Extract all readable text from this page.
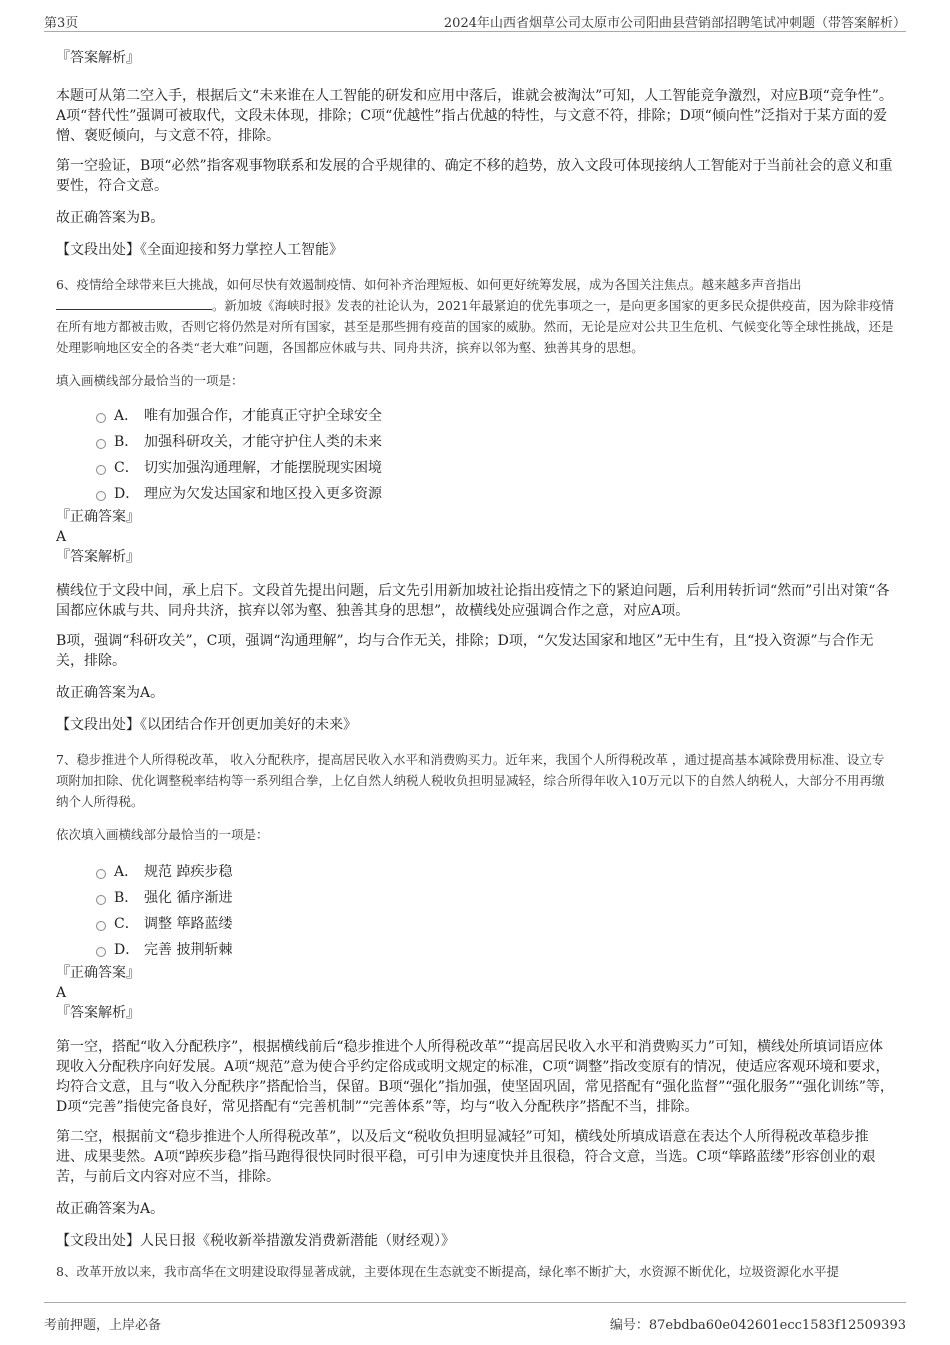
第3页	2024年山西省烟草公司太原市公司阳曲县营销部招聘笔试冲刺题（带答案解析）

『答案解析』

本题可从第二空入手，根据后文“未来谁在人工智能的研发和应用中落后，谁就会被淘汰”可知，人工智能竞争激烈，对应B项“竞争性”。A项“替代性”强调可被取代，文段未体现，排除；C项“优越性”指占优越的特性，与文意不符，排除；D项“倾向性”泛指对于某方面的爱憎、褒贬倾向，与文意不符，排除。

第一空验证，B项“必然”指客观事物联系和发展的合乎规律的、确定不移的趋势，放入文段可体现接纳人工智能对于当前社会的意义和重要性，符合文意。

故正确答案为B。

【文段出处】《全面迎接和努力掌控人工智能》

6、疫情给全球带来巨大挑战，如何尽快有效遏制疫情、如何补齐治理短板、如何更好统筹发展，成为各国关注焦点。越来越多声音指出。新加坡《海峡时报》发表的社论认为，2021年最紧迫的优先事项之一，是向更多国家的更多民众提供疫苗，因为除非疫情在所有地方都被击败，否则它将仍然是对所有国家，甚至是那些拥有疫苗的国家的威胁。然而，无论是应对公共卫生危机、气候变化等全球性挑战，还是处理影响地区安全的各类“老大难”问题，各国都应休戚与共、同舟共济，摈弃以邻为壑、独善其身的思想。

填入画横线部分最恰当的一项是：

A． 唯有加强合作，才能真正守护全球安全
B． 加强科研攻关，才能守护住人类的未来
C． 切实加强沟通理解，才能摆脱现实困境
D． 理应为欠发达国家和地区投入更多资源

『正确答案』

A

『答案解析』

横线位于文段中间，承上启下。文段首先提出问题，后文先引用新加坡社论指出疫情之下的紧迫问题，后利用转折词“然而”引出对策“各国都应休戚与共、同舟共济，摈弃以邻为壑、独善其身的思想”，故横线处应强调合作之意，对应A项。

B项，强调“科研攻关”，C项，强调“沟通理解”，均与合作无关，排除；D项，“欠发达国家和地区”无中生有，且“投入资源”与合作无关，排除。

故正确答案为A。

【文段出处】《以团结合作开创更加美好的未来》

7、稳步推进个人所得税改革， 收入分配秩序，提高居民收入水平和消费购买力。近年来，我国个人所得税改革 ，通过提高基本减除费用标准、设立专项附加扣除、优化调整税率结构等一系列组合拳，上亿自然人纳税人税收负担明显减轻，综合所得年收入10万元以下的自然人纳税人，大部分不用再缴纳个人所得税。

依次填入画横线部分最恰当的一项是：

A． 规范 踔疾步稳
B． 强化 循序渐进
C． 调整 筚路蓝缕
D． 完善 披荆斩棘

『正确答案』

A

『答案解析』

第一空，搭配“收入分配秩序”，根据横线前后“稳步推进个人所得税改革”“提高居民收入水平和消费购买力”可知，横线处所填词语应体现收入分配秩序向好发展。A项“规范”意为使合乎约定俗成或明文规定的标准，C项“调整”指改变原有的情况，使适应客观环境和要求，均符合文意，且与“收入分配秩序”搭配恰当，保留。B项“强化”指加强，使坚固巩固，常见搭配有“强化监督”“强化服务”“强化训练”等，D项“完善”指使完备良好，常见搭配有“完善机制”“完善体系”等，均与“收入分配秩序”搭配不当，排除。

第二空，根据前文“稳步推进个人所得税改革”，以及后文“税收负担明显减轻”可知，横线处所填成语意在表达个人所得税改革稳步推进、成果斐然。A项“踔疾步稳”指马跑得很快同时很平稳，可引申为速度快并且很稳，符合文意，当选。C项“筚路蓝缕”形容创业的艰苦，与前后文内容对应不当，排除。

故正确答案为A。

【文段出处】人民日报《税收新举措激发消费新潜能（财经观）》

8、改革开放以来，我市高华在文明建设取得显著成就，主要体现在生态就变不断提高，绿化率不断扩大，水资源不断优化，垃圾资源化水平提

考前押题，上岸必备	编号：87ebdba60e042601ecc1583f12509393
